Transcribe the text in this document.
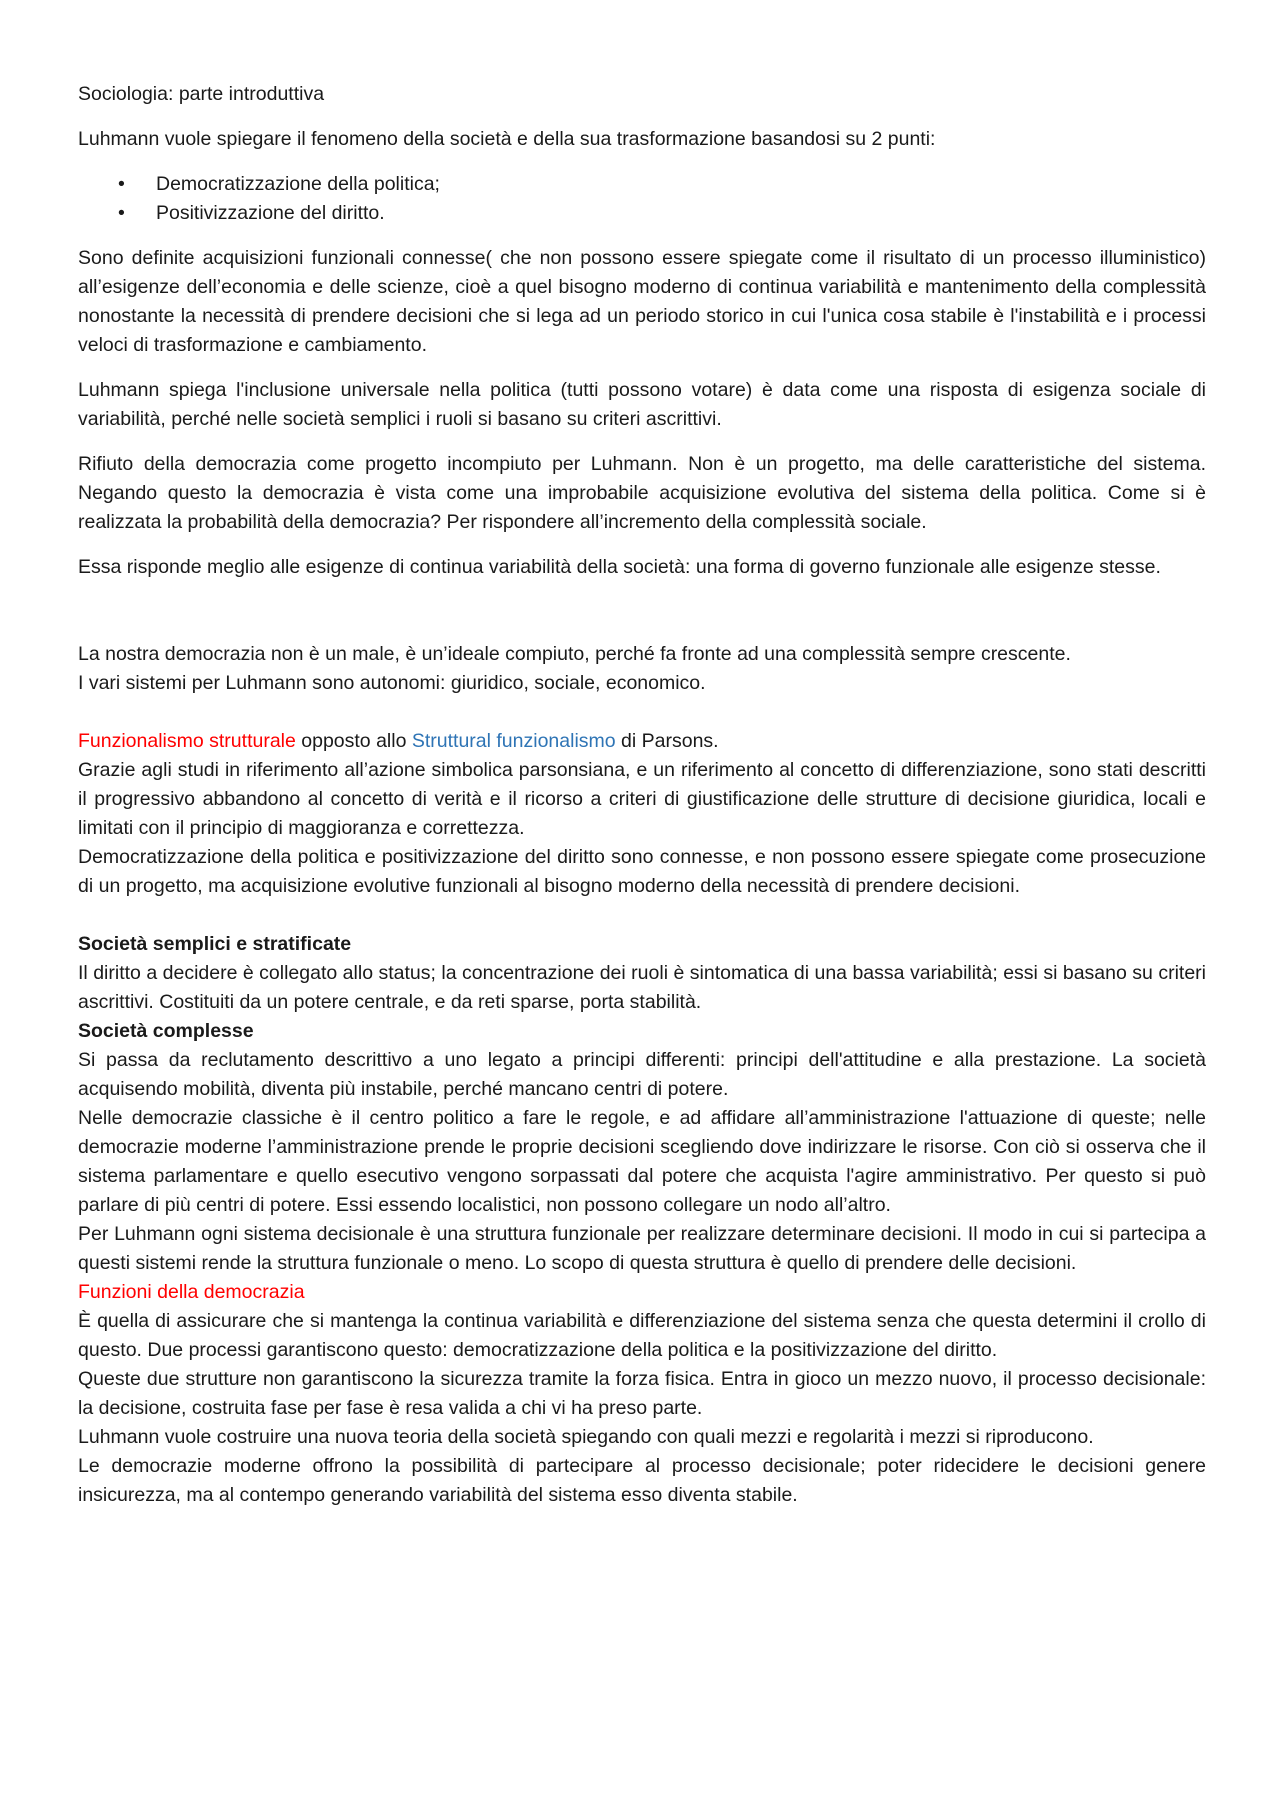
Sociologia: parte introduttiva

Luhmann vuole spiegare il fenomeno della società e della sua trasformazione basandosi su 2 punti:

• Democratizzazione della politica;
• Positivizzazione del diritto.

Sono definite acquisizioni funzionali connesse( che non possono essere spiegate come il risultato di un processo illuministico) all’esigenze dell’economia e delle scienze, cioè a quel bisogno moderno di continua variabilità e mantenimento della complessità nonostante la necessità di prendere decisioni che si lega ad un periodo storico in cui l'unica cosa stabile è l'instabilità e i processi veloci di trasformazione e cambiamento.

Luhmann spiega l'inclusione universale nella politica (tutti possono votare) è data come una risposta di esigenza sociale di variabilità, perché nelle società semplici i ruoli si basano su criteri ascrittivi.

Rifiuto della democrazia come progetto incompiuto per Luhmann. Non è un progetto, ma delle caratteristiche del sistema. Negando questo la democrazia è vista come una improbabile acquisizione evolutiva del sistema della politica. Come si è realizzata la probabilità della democrazia? Per rispondere all’incremento della complessità sociale.

Essa risponde meglio alle esigenze di continua variabilità della società: una forma di governo funzionale alle esigenze stesse.

La nostra democrazia non è un male, è un’ideale compiuto, perché fa fronte ad una complessità sempre crescente.

I vari sistemi per Luhmann sono autonomi: giuridico, sociale, economico.

Funzionalismo strutturale opposto allo Struttural funzionalismo di Parsons.

Grazie agli studi in riferimento all’azione simbolica parsonsiana, e un riferimento al concetto di differenziazione, sono stati descritti il progressivo abbandono al concetto di verità e il ricorso a criteri di giustificazione delle strutture di decisione giuridica, locali e limitati con il principio di maggioranza e correttezza.

Democratizzazione della politica e positivizzazione del diritto sono connesse, e non possono essere spiegate come prosecuzione di un progetto, ma acquisizione evolutive funzionali al bisogno moderno della necessità di prendere decisioni.

Società semplici e stratificate

Il diritto a decidere è collegato allo status; la concentrazione dei ruoli è sintomatica di una bassa variabilità; essi si basano su criteri ascrittivi. Costituiti da un potere centrale, e da reti sparse, porta stabilità.

Società complesse

Si passa da reclutamento descrittivo a uno legato a principi differenti: principi dell'attitudine e alla prestazione. La società acquisendo mobilità, diventa più instabile, perché mancano centri di potere.

Nelle democrazie classiche è il centro politico a fare le regole, e ad affidare all’amministrazione l'attuazione di queste; nelle democrazie moderne l’amministrazione prende le proprie decisioni scegliendo dove indirizzare le risorse. Con ciò si osserva che il sistema parlamentare e quello esecutivo vengono sorpassati dal potere che acquista l'agire amministrativo. Per questo si può parlare di più centri di potere. Essi essendo localistici, non possono collegare un nodo all’altro.

Per Luhmann ogni sistema decisionale è una struttura funzionale per realizzare determinare decisioni. Il modo in cui si partecipa a questi sistemi rende la struttura funzionale o meno. Lo scopo di questa struttura è quello di prendere delle decisioni.

Funzioni della democrazia

È quella di assicurare che si mantenga la continua variabilità e differenziazione del sistema senza che questa determini il crollo di questo. Due processi garantiscono questo: democratizzazione della politica e la positivizzazione del diritto.

Queste due strutture non garantiscono la sicurezza tramite la forza fisica. Entra in gioco un mezzo nuovo, il processo decisionale: la decisione, costruita fase per fase è resa valida a chi vi ha preso parte.

Luhmann vuole costruire una nuova teoria della società spiegando con quali mezzi e regolarità i mezzi si riproducono.

Le democrazie moderne offrono la possibilità di partecipare al processo decisionale; poter ridecidere le decisioni genere insicurezza, ma al contempo generando variabilità del sistema esso diventa stabile.
